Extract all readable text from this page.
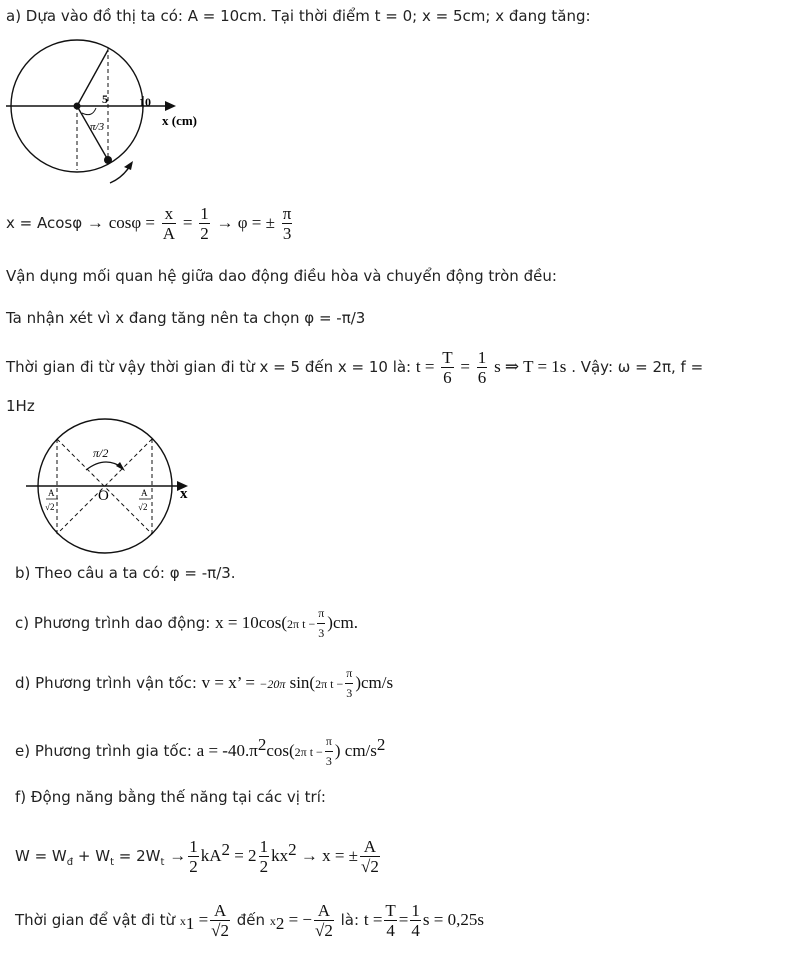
a) Dựa vào đồ thị ta có: A = 10cm. Tại thời điểm t = 0; x = 5cm; x đang tăng:
5	10
π/3	x (cm)
$x = Acos\varphi \to \cos\varphi = \frac{x}{A} = \frac{1}{2} \to \varphi$ = ± $\frac{\pi}{3}$
Vận dụng mối quan hệ giữa dao động điều hòa và chuyển động tròn đều:
Ta nhận xét vì x đang tăng nên ta chọn φ = -π/3
Thời gian đi từ vậy thời gian đi từ x = 5 đến x = 10 là: $t = \frac{T}{6} = \frac{1}{6}$ s ⇒ T = 1s . Vậy: ω = 2π, f =
1Hz
π/2
O	x
A
√2
A
√2
b) Theo câu a ta có: φ = -π/3.
c) Phương trình dao động: x = 10cos(2π $t - \frac{\pi}{3} )cm$.
d) Phương trình vận tốc: v = x’ = −20π sin(2π $t - \frac{\pi}{3} )cm/s$
e) Phương trình gia tốc: $a = -40.\pi^2\cos(2\pi$ $t - \frac{\pi}{3}$ ) $cm/s^2$
f) Động năng bằng thế năng tại các vị trí:
$W = W_đ + W_t = 2W_t \to \frac{1}{2} kA^2 = 2 \frac{1}{2} kx^2 \to x$ = ± $\frac{A}{√2}$
Thời gian để vật đi từ $x_1 = \frac{A}{√2}$ đến $x_2$ = − $\frac{A}{√2}$ là: $t = \frac{T}{4} = \frac{1}{4}$ s = 0,25s
